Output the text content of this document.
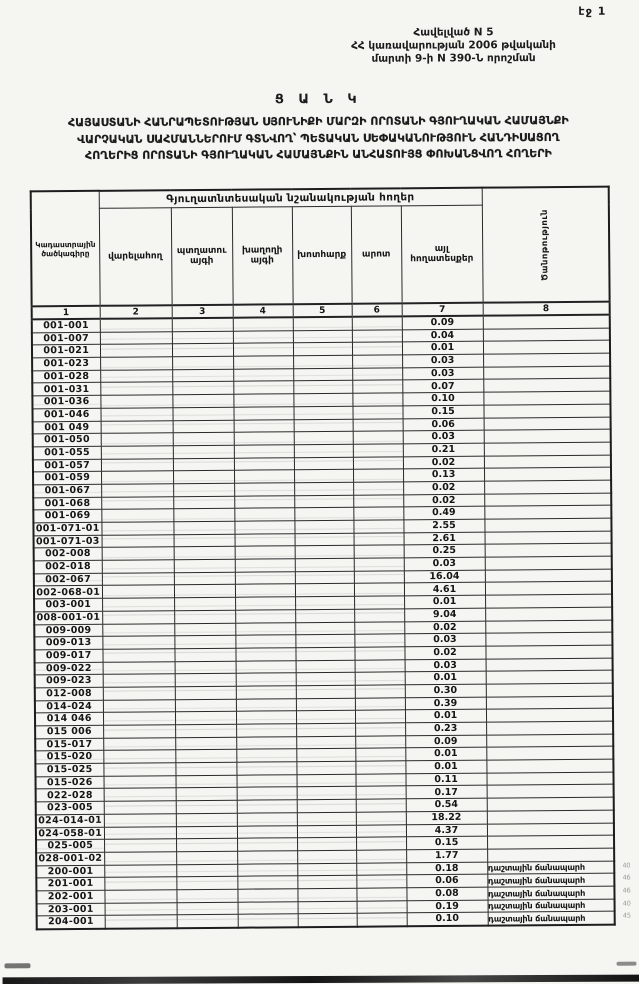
էջ 1
Հավելված N 5
ՀՀ կառավարության 2006 թվականի
մարտի 9-ի N 390-Ն որոշման
Ց Ա Ն Կ
ՀԱՅԱՍՏԱՆԻ ՀԱՆՐԱՊԵՏՈՒԹՅԱՆ ՍՅՈՒՆԻՔԻ ՄԱՐԶԻ ՈՐՈՏԱՆԻ ԳՅՈՒՂԱԿԱՆ ՀԱՄԱՅՆՔԻ
ՎԱՐՉԱԿԱՆ ՍԱՀՄԱՆՆԵՐՈՒՄ ԳՏՆՎՈՂ՝ ՊԵՏԱԿԱՆ ՍԵՓԱԿԱՆՈՒԹՅՈՒՆ ՀԱՆԴԻՍԱՑՈՂ
ՀՈՂԵՐԻՑ ՈՐՈՏԱՆԻ ԳՅՈՒՂԱԿԱՆ ՀԱՄԱՅՆՔԻՆ ԱՆՀԱՏՈՒՅՑ ՓՈԽԱՆՑՎՈՂ ՀՈՂԵՐԻ
Կադաստրային ծածկագիրը	Գյուղատնտեսական նշանակության հողեր						Ծանոթություն

	վարելահող	պտղատու այգի	խաղողի այգի	խոտհարք	արոտ	այլ հողատեսքեր	
1	2	3	4	5	6	7	8
001-001						0.09	
001-007						0.04	
001-021						0.01	
001-023						0.03	
001-028						0.03	
001-031						0.07	
001-036						0.10	
001-046						0.15	
001 049						0.06	
001-050						0.03	
001-055						0.21	
001-057						0.02	
001-059						0.13	
001-067						0.02	
001-068						0.02	
001-069						0.49	
001-071-01						2.55	
001-071-03						2.61	
002-008						0.25	
002-018						0.03	
002-067						16.04	
002-068-01						4.61	
003-001						0.01	
008-001-01						9.04	
009-009						0.02	
009-013						0.03	
009-017						0.02	
009-022						0.03	
009-023						0.01	
012-008						0.30	
014-024						0.39	
014 046						0.01	
015 006						0.23	
015-017						0.09	
015-020						0.01	
015-025						0.01	
015-026						0.11	
022-028						0.17	
023-005						0.54	
024-014-01						18.22	
024-058-01						4.37	
025-005						0.15	
028-001-02						1.77	
200-001						0.18	դաշտային ճանապարհ 40

201-001						0.06	դաշտային ճանապարհ 46

202-001						0.08	դաշտային ճանապարհ 46

203-001						0.19	դաշտային ճանապարհ 40

204-001						0.10	դաշտային ճանապարհ 45
